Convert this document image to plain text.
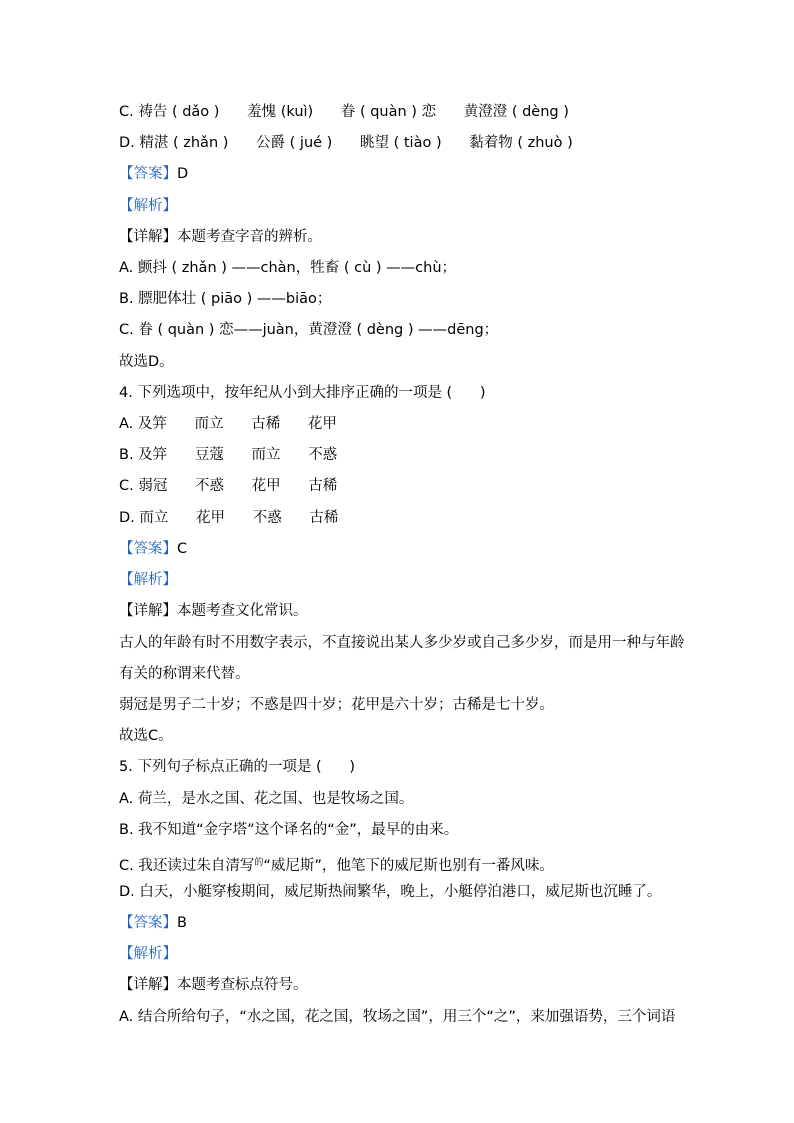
C. 祷告 ( dǎo )      羞愧 (kuì)      眷 ( quàn ) 恋      黄澄澄 ( dèng )
D. 精湛 ( zhǎn )      公爵 ( jué )      眺望 ( tiào )      黏着物 ( zhuò )
【答案】D
【解析】
【详解】本题考查字音的辨析。
A. 颤抖 ( zhǎn ) ——chàn，牲畜 ( cù ) ——chù；
B. 膘肥体壮 ( piāo ) ——biāo；
C. 眷 ( quàn ) 恋——juàn，黄澄澄 ( dèng ) ——dēng；
故选D。
4. 下列选项中，按年纪从小到大排序正确的一项是 (      )
A. 及笄      而立      古稀      花甲
B. 及笄      豆蔻      而立      不惑
C. 弱冠      不惑      花甲      古稀
D. 而立      花甲      不惑      古稀
【答案】C
【解析】
【详解】本题考查文化常识。
古人的年龄有时不用数字表示，不直接说出某人多少岁或自己多少岁，而是用一种与年龄
有关的称谓来代替。
弱冠是男子二十岁；不惑是四十岁；花甲是六十岁；古稀是七十岁。
故选C。
5. 下列句子标点正确的一项是 (      )
A. 荷兰，是水之国、花之国、也是牧场之国。
B. 我不知道“金字塔”这个译名的“金”，最早的由来。
C. 我还读过朱自清写$^的$“威尼斯”，他笔下的威尼斯也别有一番风味。
D. 白天，小艇穿梭期间，威尼斯热闹繁华，晚上，小艇停泊港口，威尼斯也沉睡了。
【答案】B
【解析】
【详解】本题考查标点符号。
A. 结合所给句子，“水之国，花之国，牧场之国”，用三个“之”，来加强语势，三个词语
